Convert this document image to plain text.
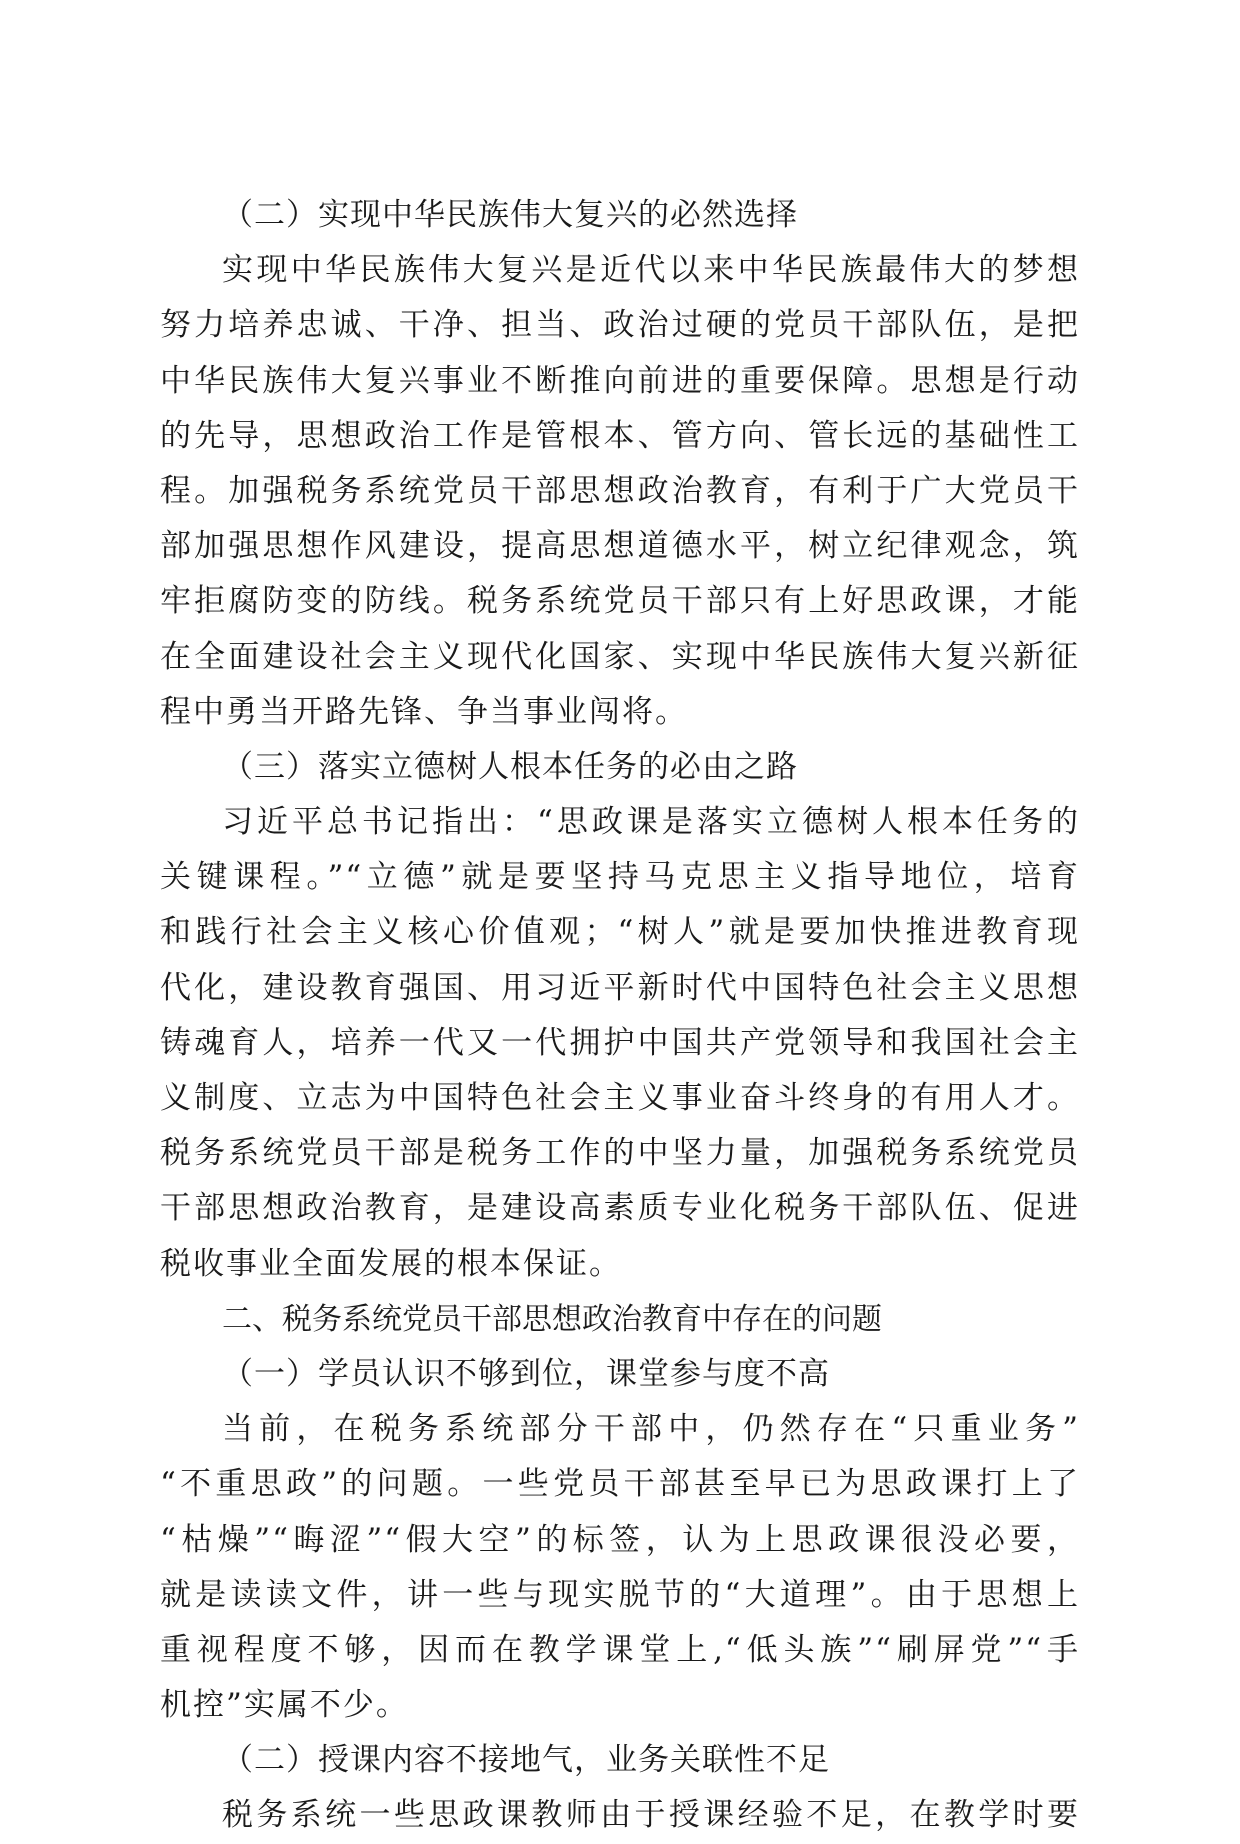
（二）实现中华民族伟大复兴的必然选择
实现中华民族伟大复兴是近代以来中华民族最伟大的梦想
努力培养忠诚、干净、担当、政治过硬的党员干部队伍，是把
中华民族伟大复兴事业不断推向前进的重要保障。思想是行动
的先导，思想政治工作是管根本、管方向、管长远的基础性工
程。加强税务系统党员干部思想政治教育，有利于广大党员干
部加强思想作风建设，提高思想道德水平，树立纪律观念，筑
牢拒腐防变的防线。税务系统党员干部只有上好思政课，才能
在全面建设社会主义现代化国家、实现中华民族伟大复兴新征
程中勇当开路先锋、争当事业闯将。
（三）落实立德树人根本任务的必由之路
习近平总书记指出：“思政课是落实立德树人根本任务的
关键课程。”“立德”就是要坚持马克思主义指导地位，培育
和践行社会主义核心价值观；“树人”就是要加快推进教育现
代化，建设教育强国、用习近平新时代中国特色社会主义思想
铸魂育人，培养一代又一代拥护中国共产党领导和我国社会主
义制度、立志为中国特色社会主义事业奋斗终身的有用人才。
税务系统党员干部是税务工作的中坚力量，加强税务系统党员
干部思想政治教育，是建设高素质专业化税务干部队伍、促进
税收事业全面发展的根本保证。
二、税务系统党员干部思想政治教育中存在的问题
（一）学员认识不够到位，课堂参与度不高
当前，在税务系统部分干部中，仍然存在“只重业务”
“不重思政”的问题。一些党员干部甚至早已为思政课打上了
“枯燥”“晦涩”“假大空”的标签，认为上思政课很没必要，
就是读读文件，讲一些与现实脱节的“大道理”。由于思想上
重视程度不够，因而在教学课堂上,“低头族”“刷屏党”“手
机控”实属不少。
（二）授课内容不接地气，业务关联性不足
税务系统一些思政课教师由于授课经验不足，在教学时要
